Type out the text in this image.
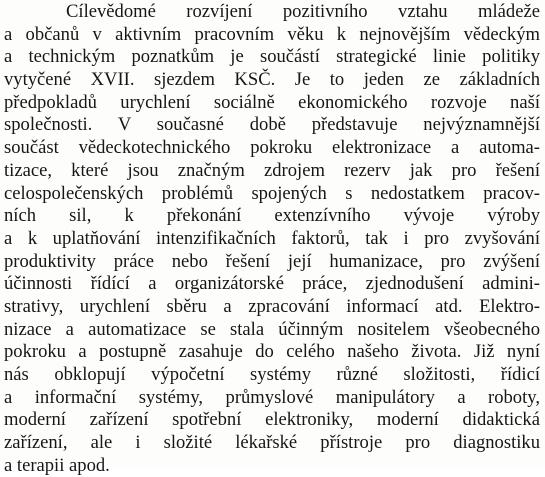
Cílevědomé rozvíjení pozitivního vztahu mládeže
a občanů v aktivním pracovním věku k nejnovějším vědeckým
a technickým poznatkům je součástí strategické linie politiky
vytyčené XVII. sjezdem KSČ. Je to jeden ze základních
předpokladů urychlení sociálně ekonomického rozvoje naší
společnosti. V současné době představuje nejvýznamnější
součást vědeckotechnického pokroku elektronizace a automa-
tizace, které jsou značným zdrojem rezerv jak pro řešení
celospolečenských problémů spojených s nedostatkem pracov-
ních sil, k překonání extenzívního vývoje výroby
a k uplatňování intenzifikačních faktorů, tak i pro zvyšování
produktivity práce nebo řešení její humanizace, pro zvýšení
účinnosti řídící a organizátorské práce, zjednodušení admini-
strativy, urychlení sběru a zpracování informací atd. Elektro-
nizace a automatizace se stala účinným nositelem všeobecného
pokroku a postupně zasahuje do celého našeho života. Již nyní
nás obklopují výpočetní systémy různé složitosti, řídicí
a informační systémy, průmyslové manipulátory a roboty,
moderní zařízení spotřební elektroniky, moderní didaktická
zařízení, ale i složité lékařské přístroje pro diagnostiku
a terapii apod.
